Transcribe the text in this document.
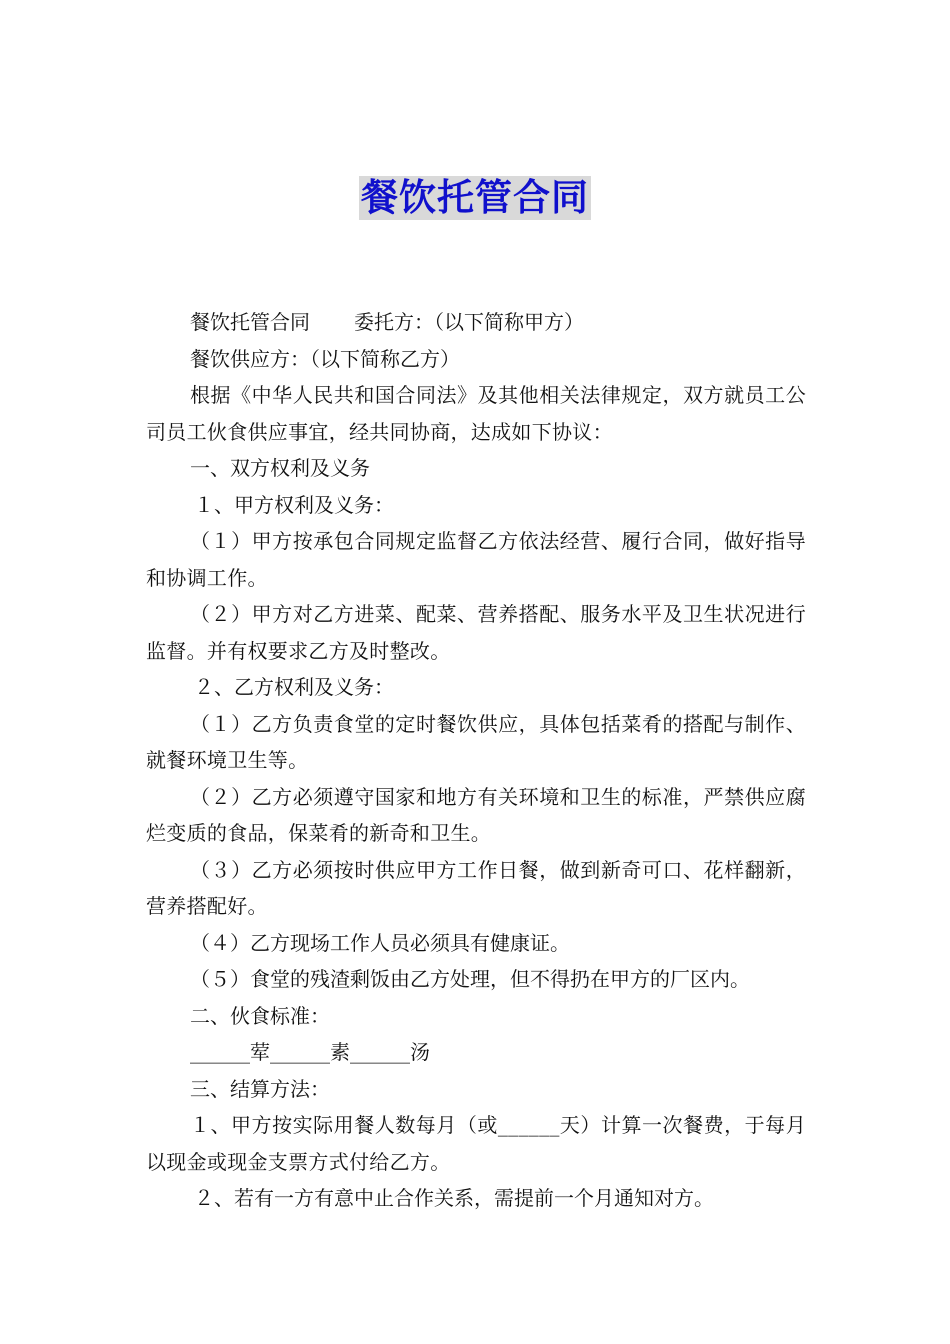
餐饮托管合同

餐饮托管合同 委托方：（以下简称甲方）

餐饮供应方：（以下简称乙方）

根据《中华人民共和国合同法》及其他相关法律规定，双方就员工公司员工伙食供应事宜，经共同协商，达成如下协议：

一、双方权利及义务

１、甲方权利及义务：

（１）甲方按承包合同规定监督乙方依法经营、履行合同，做好指导和协调工作。

（２）甲方对乙方进菜、配菜、营养搭配、服务水平及卫生状况进行监督。并有权要求乙方及时整改。

２、乙方权利及义务：

（１）乙方负责食堂的定时餐饮供应，具体包括菜肴的搭配与制作、就餐环境卫生等。

（２）乙方必须遵守国家和地方有关环境和卫生的标准，严禁供应腐烂变质的食品，保菜肴的新奇和卫生。

（３）乙方必须按时供应甲方工作日餐，做到新奇可口、花样翻新，营养搭配好。

（４）乙方现场工作人员必须具有健康证。

（５）食堂的残渣剩饭由乙方处理，但不得扔在甲方的厂区内。

二、伙食标准：

______荤______素______汤

三、结算方法：

１、甲方按实际用餐人数每月（或______天）计算一次餐费，于每月以现金或现金支票方式付给乙方。

２、若有一方有意中止合作关系，需提前一个月通知对方。
